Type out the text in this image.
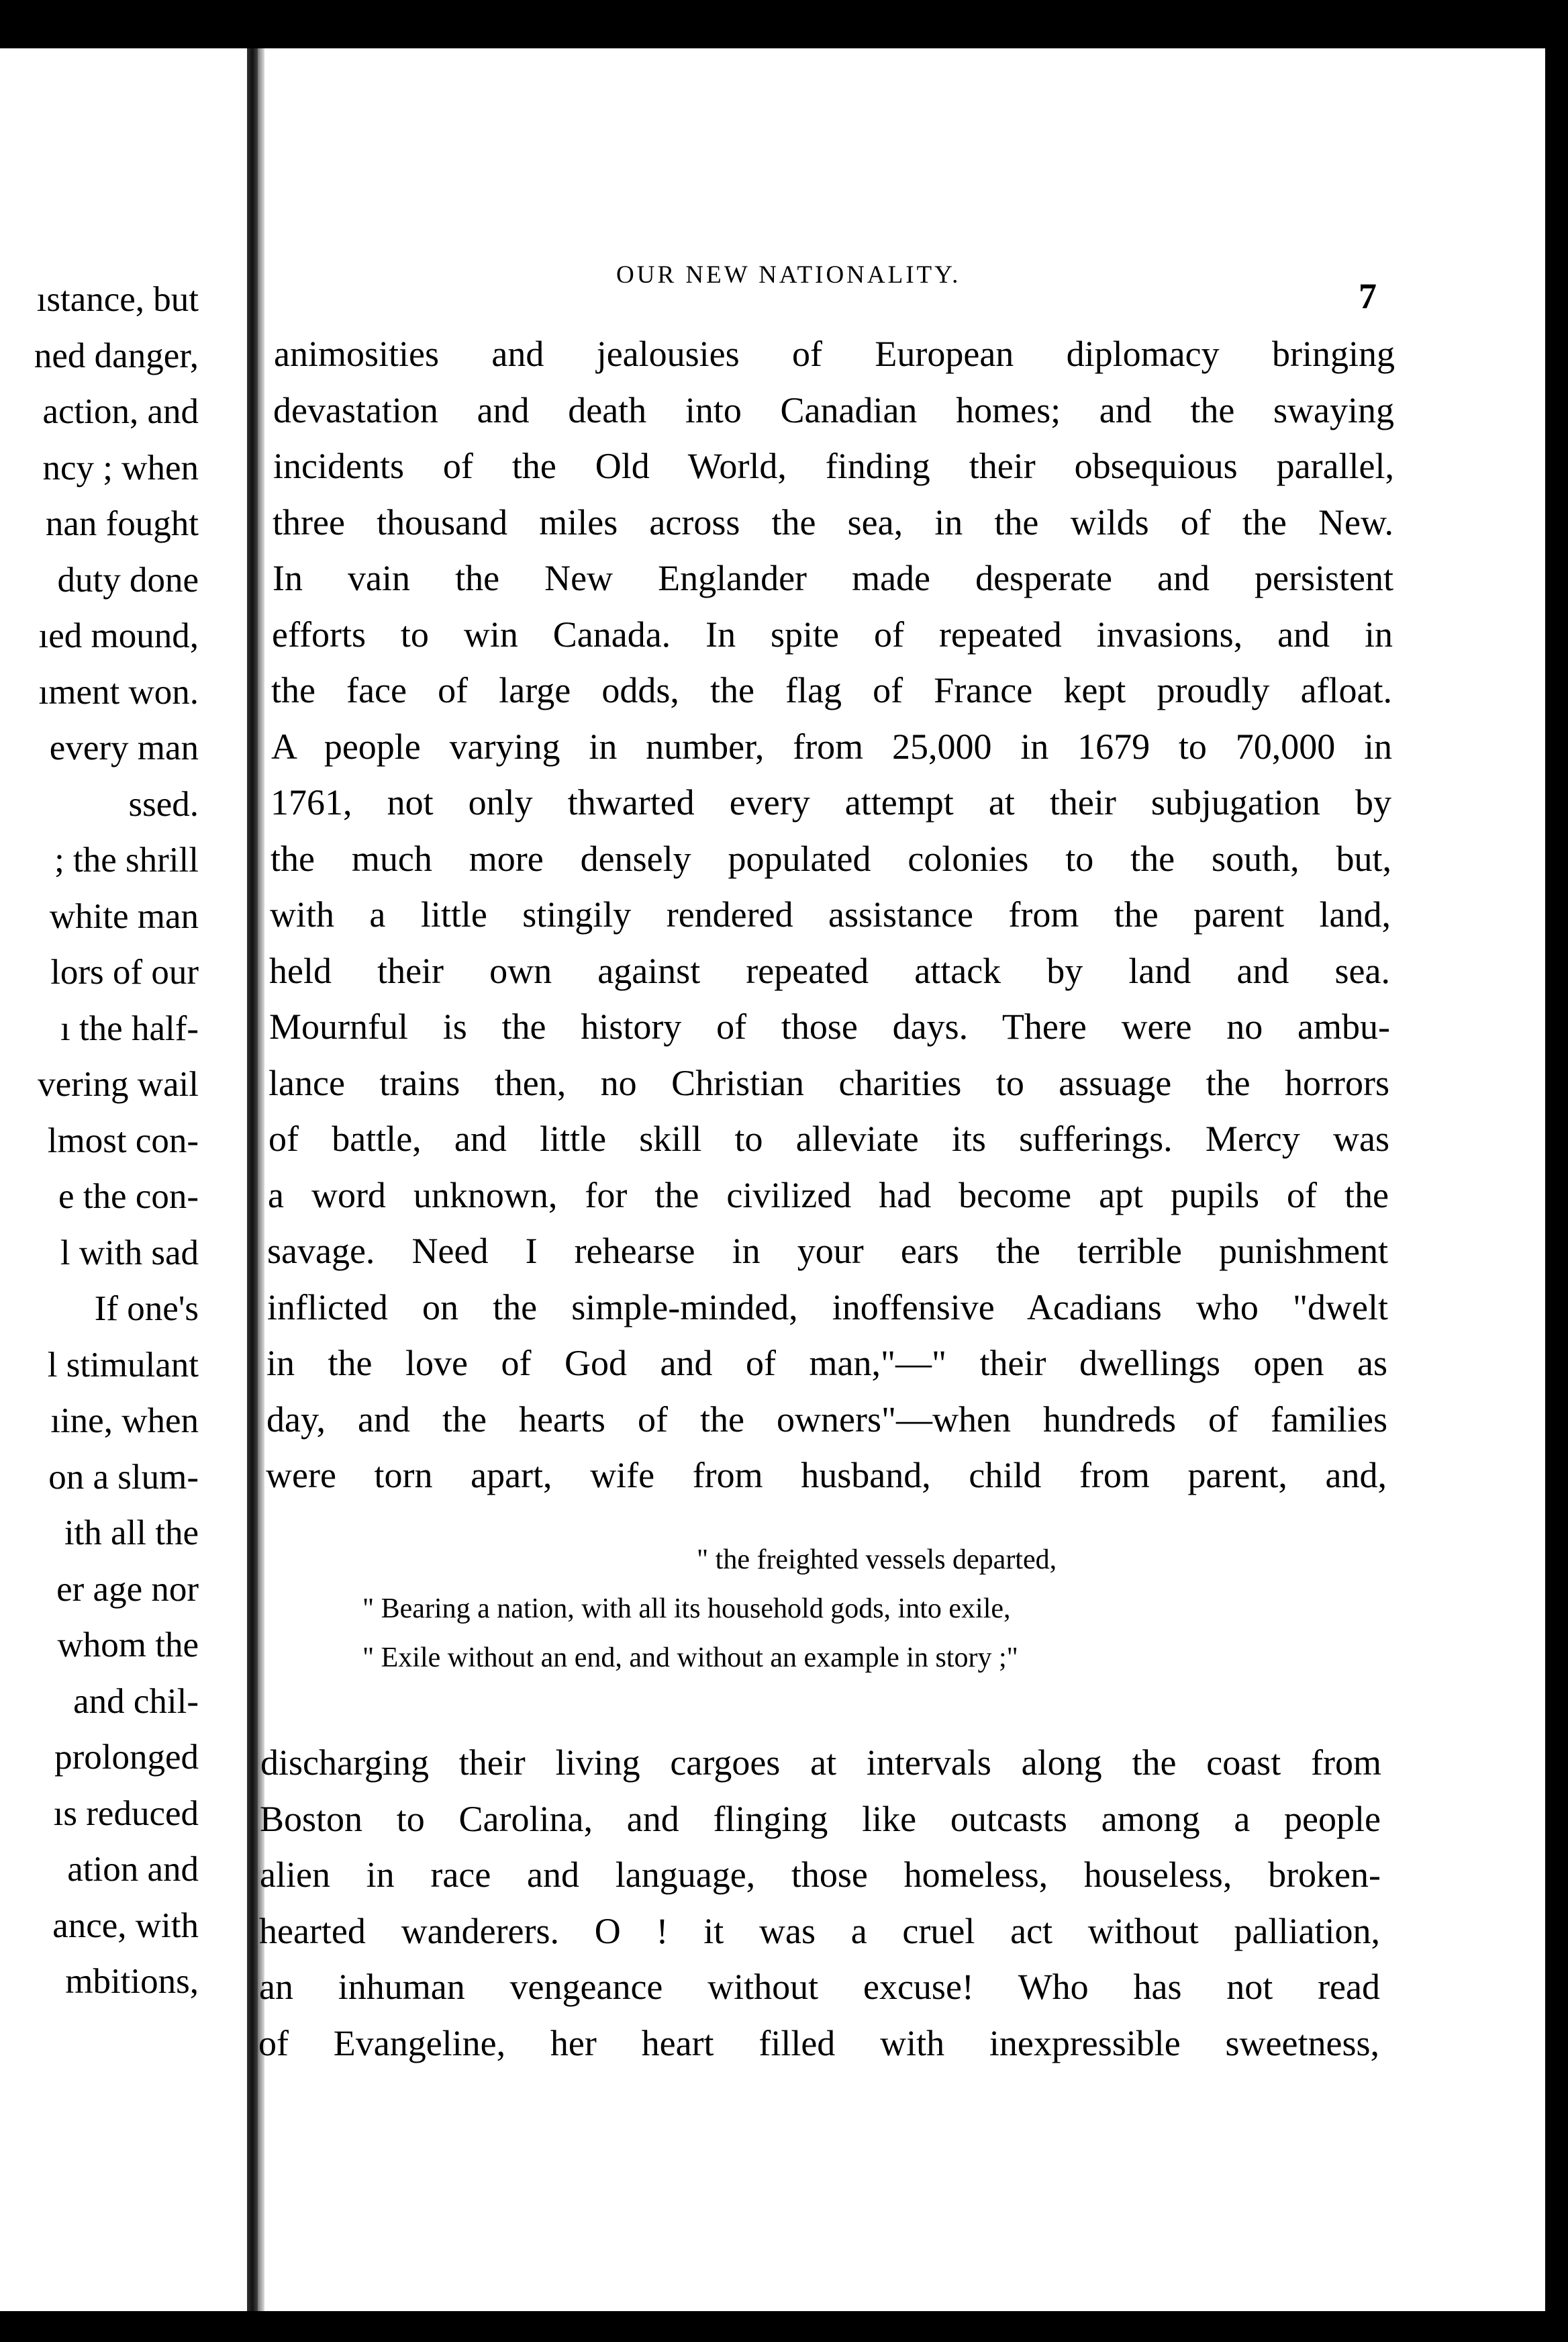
ıstance, but
ned danger,
action, and
ncy ; when
nan fought
duty done
ıed mound,
ıment won.
every man
ssed.
; the shrill
white man
lors of our
ı the half-
vering wail
lmost con-
e the con-
l with sad
If one's
l stimulant
ıine, when
on a slum-
ith all the
er age nor
whom the
and chil-
prolonged
ıs reduced
ation and
ance, with
mbitions,
OUR NEW NATIONALITY.
7
animosities and jealousies of European diplomacy bringing
devastation and death into Canadian homes; and the swaying
incidents of the Old World, finding their obsequious parallel,
three thousand miles across the sea, in the wilds of the New.
In vain the New Englander made desperate and persistent
efforts to win Canada. In spite of repeated invasions, and in
the face of large odds, the flag of France kept proudly afloat.
A people varying in number, from 25,000 in 1679 to 70,000 in
1761, not only thwarted every attempt at their subjugation by
the much more densely populated colonies to the south, but,
with a little stingily rendered assistance from the parent land,
held their own against repeated attack by land and sea.
Mournful is the history of those days. There were no ambu-
lance trains then, no Christian charities to assuage the horrors
of battle, and little skill to alleviate its sufferings. Mercy was
a word unknown, for the civilized had become apt pupils of the
savage. Need I rehearse in your ears the terrible punishment
inflicted on the simple-minded, inoffensive Acadians who "dwelt
in the love of God and of man,"—" their dwellings open as
day, and the hearts of the owners"—when hundreds of families
were torn apart, wife from husband, child from parent, and,
" the freighted vessels departed,
" Bearing a nation, with all its household gods, into exile,
" Exile without an end, and without an example in story ;"
discharging their living cargoes at intervals along the coast from
Boston to Carolina, and flinging like outcasts among a people
alien in race and language, those homeless, houseless, broken-
hearted wanderers. O ! it was a cruel act without palliation,
an inhuman vengeance without excuse! Who has not read
of Evangeline, her heart filled with inexpressible sweetness,
